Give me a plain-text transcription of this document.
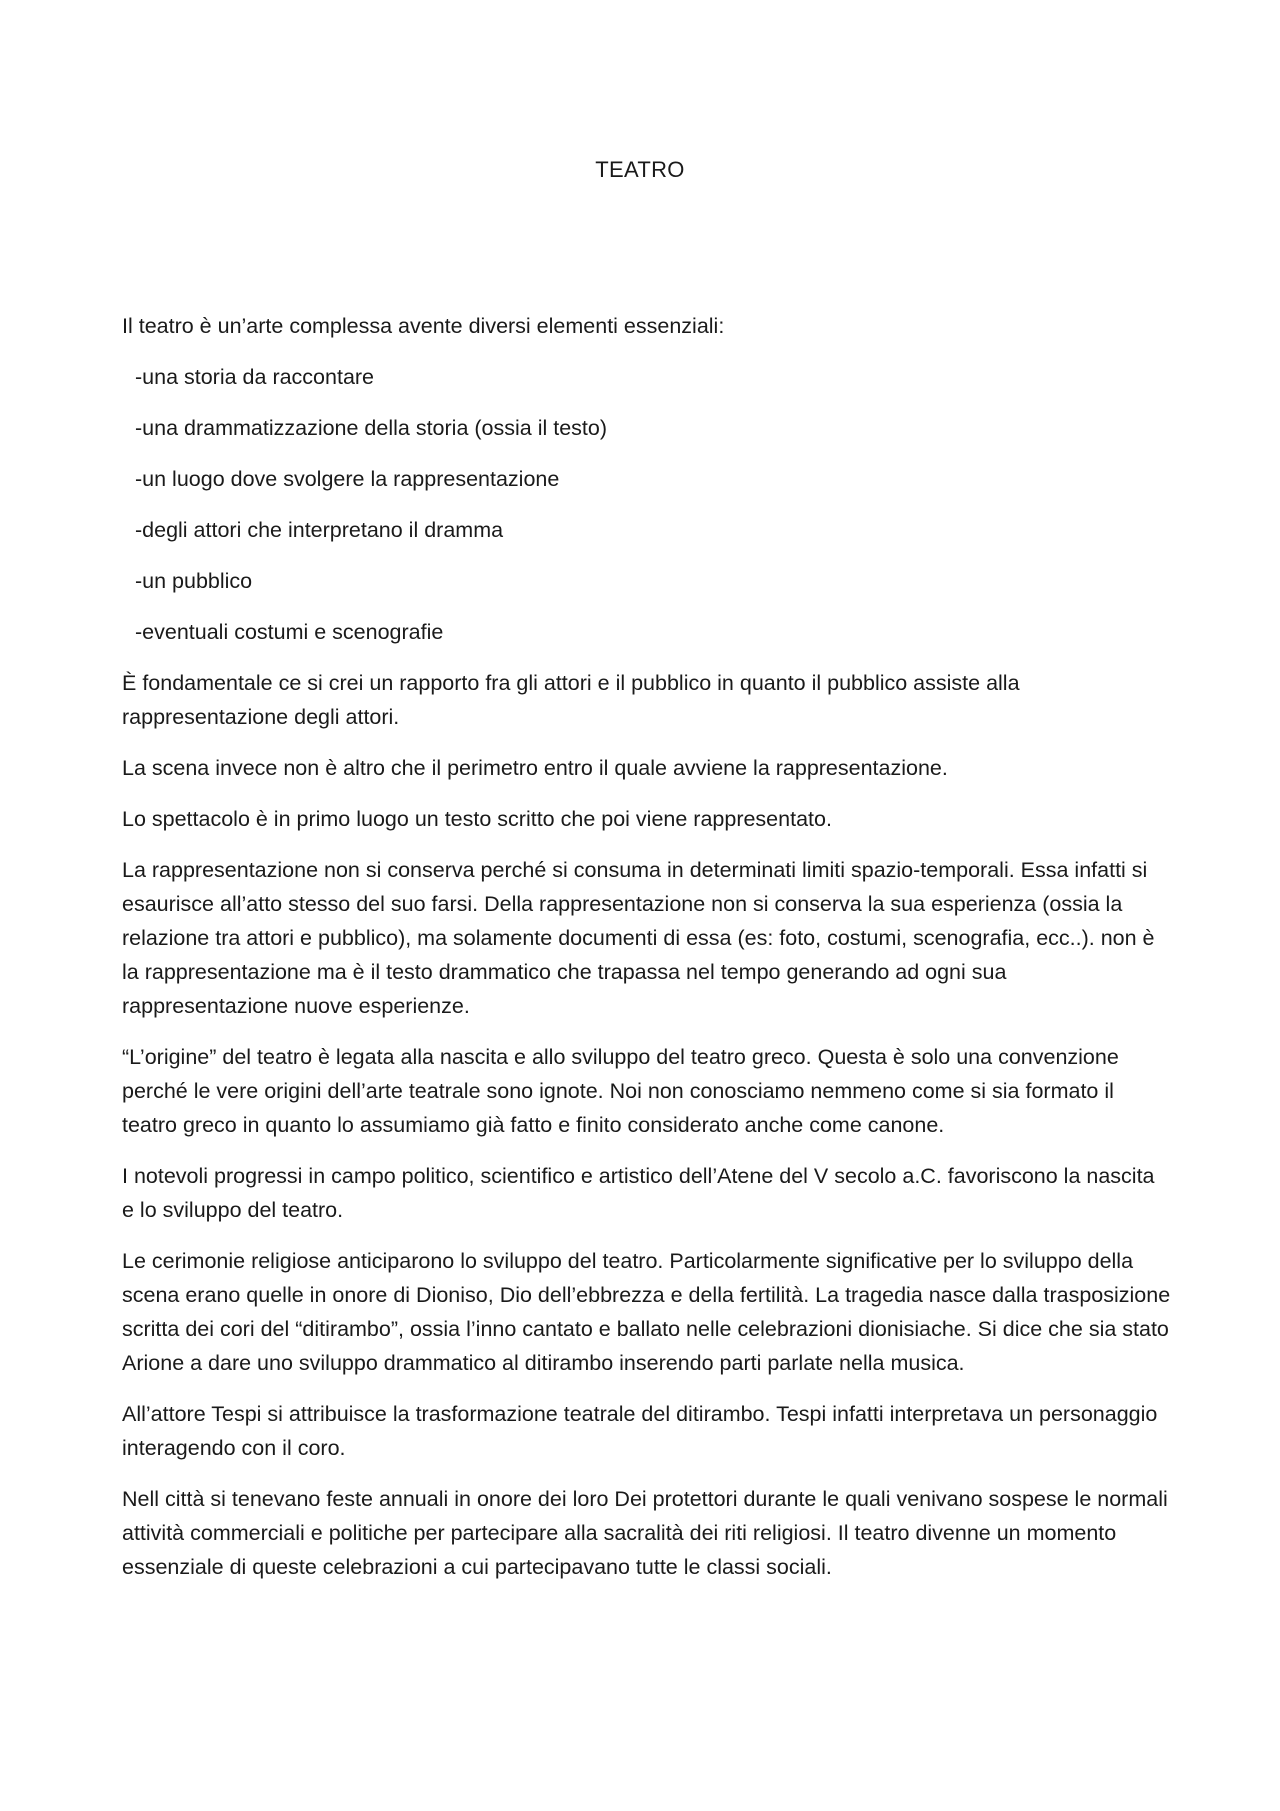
TEATRO

Il teatro è un’arte complessa avente diversi elementi essenziali:

-una storia da raccontare
-una drammatizzazione della storia (ossia il testo)
-un luogo dove svolgere la rappresentazione
-degli attori che interpretano il dramma
-un pubblico
-eventuali costumi e scenografie

È fondamentale ce si crei un rapporto fra gli attori e il pubblico in quanto il pubblico assiste alla rappresentazione degli attori.

La scena invece non è altro che il perimetro entro il quale avviene la rappresentazione.

Lo spettacolo è in primo luogo un testo scritto che poi viene rappresentato.

La rappresentazione non si conserva perché si consuma in determinati limiti spazio-temporali. Essa infatti si esaurisce all’atto stesso del suo farsi. Della rappresentazione non si conserva la sua esperienza (ossia la relazione tra attori e pubblico), ma solamente documenti di essa (es: foto, costumi, scenografia, ecc..). non è la rappresentazione ma è il testo drammatico che trapassa nel tempo generando ad ogni sua rappresentazione nuove esperienze.

“L’origine” del teatro è legata alla nascita e allo sviluppo del teatro greco. Questa è solo una convenzione perché le vere origini dell’arte teatrale sono ignote. Noi non conosciamo nemmeno come si sia formato il teatro greco in quanto lo assumiamo già fatto e finito considerato anche come canone.

I notevoli progressi in campo politico, scientifico e artistico dell’Atene del V secolo a.C. favoriscono la nascita e lo sviluppo del teatro.

Le cerimonie religiose anticiparono lo sviluppo del teatro. Particolarmente significative per lo sviluppo della scena erano quelle in onore di Dioniso, Dio dell’ebbrezza e della fertilità. La tragedia nasce dalla trasposizione scritta dei cori del “ditirambo”, ossia l’inno cantato e ballato nelle celebrazioni dionisiache. Si dice che sia stato Arione a dare uno sviluppo drammatico al ditirambo inserendo parti parlate nella musica.

All’attore Tespi si attribuisce la trasformazione teatrale del ditirambo. Tespi infatti interpretava un personaggio interagendo con il coro.

Nell città si tenevano feste annuali in onore dei loro Dei protettori durante le quali venivano sospese le normali attività commerciali e politiche per partecipare alla sacralità dei riti religiosi. Il teatro divenne un momento essenziale di queste celebrazioni a cui partecipavano tutte le classi sociali.
